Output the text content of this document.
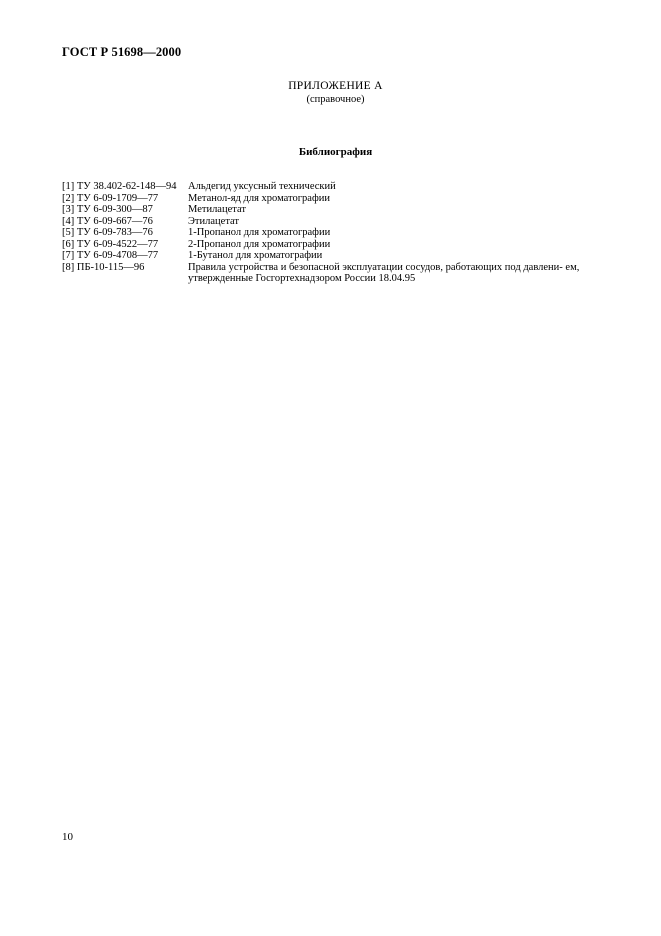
ГОСТ Р 51698—2000
ПРИЛОЖЕНИЕ А
(справочное)
Библиография
[1] ТУ 38.402-62-148—94	Альдегид уксусный технический
[2] ТУ 6-09-1709—77	Метанол-яд для хроматографии
[3] ТУ 6-09-300—87	Метилацетат
[4] ТУ 6-09-667—76	Этилацетат
[5] ТУ 6-09-783—76	1-Пропанол для хроматографии
[6] ТУ 6-09-4522—77	2-Пропанол для хроматографии
[7] ТУ 6-09-4708—77	1-Бутанол для хроматографии
[8] ПБ-10-115—96	Правила устройства и безопасной эксплуатации сосудов, работающих под давлени- ем, утвержденные Госгортехнадзором России 18.04.95
10
